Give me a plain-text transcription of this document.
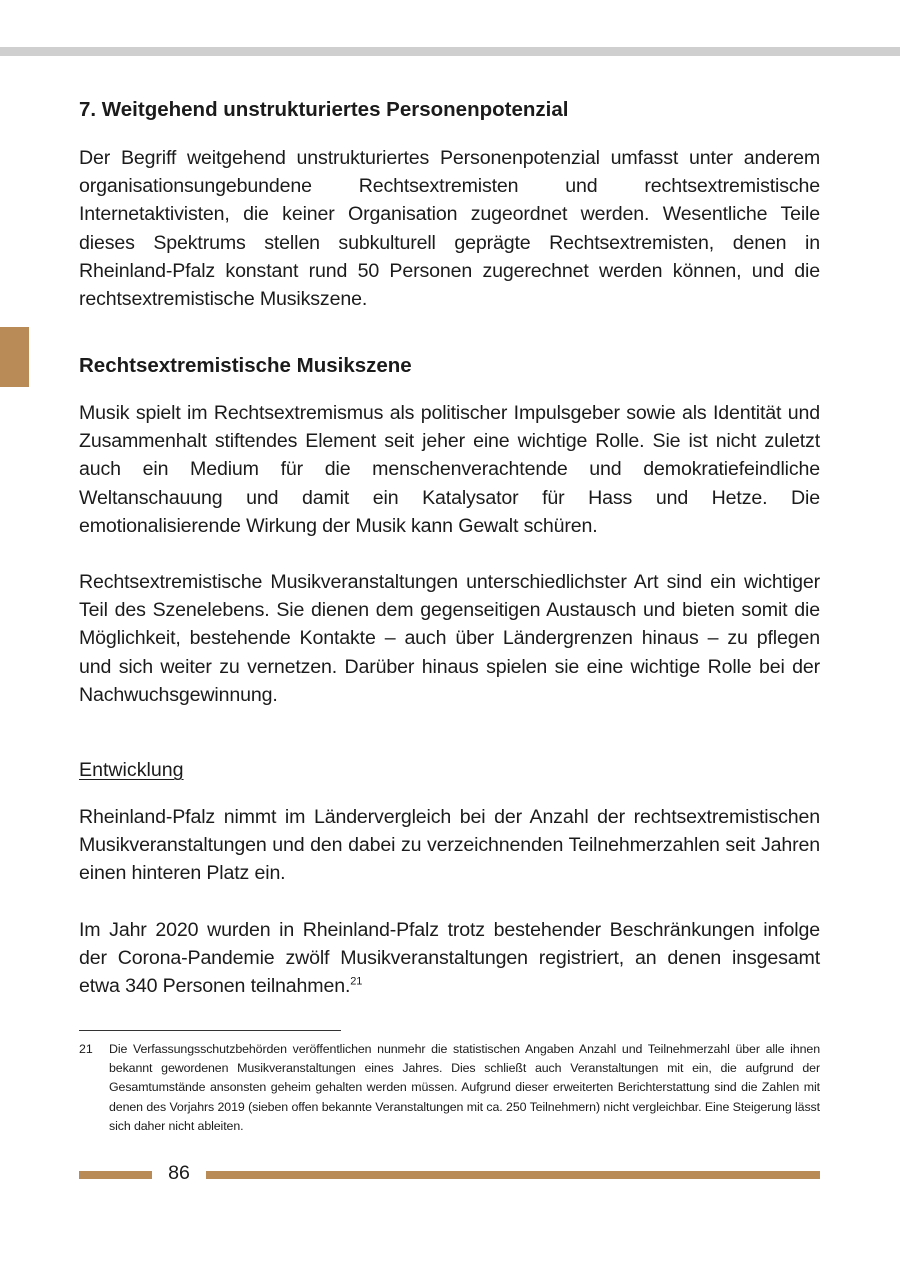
7. Weitgehend unstrukturiertes Personenpotenzial

Der Begriff weitgehend unstrukturiertes Personenpotenzial umfasst unter anderem organisationsungebundene Rechtsextremisten und rechtsextremistische Internetaktivisten, die keiner Organisation zugeordnet werden. Wesentliche Teile dieses Spektrums stellen subkulturell geprägte Rechtsextremisten, denen in Rheinland-Pfalz konstant rund 50 Personen zugerechnet werden können, und die rechtsextremistische Musikszene.

Rechtsextremistische Musikszene

Musik spielt im Rechtsextremismus als politischer Impulsgeber sowie als Identität und Zusammenhalt stiftendes Element seit jeher eine wichtige Rolle. Sie ist nicht zuletzt auch ein Medium für die menschenverachtende und demokratiefeindliche Weltanschauung und damit ein Katalysator für Hass und Hetze. Die emotionalisierende Wirkung der Musik kann Gewalt schüren.

Rechtsextremistische Musikveranstaltungen unterschiedlichster Art sind ein wichtiger Teil des Szenelebens. Sie dienen dem gegenseitigen Austausch und bieten somit die Möglichkeit, bestehende Kontakte – auch über Ländergrenzen hinaus – zu pflegen und sich weiter zu vernetzen. Darüber hinaus spielen sie eine wichtige Rolle bei der Nachwuchsgewinnung.

Entwicklung

Rheinland-Pfalz nimmt im Ländervergleich bei der Anzahl der rechtsextremistischen Musikveranstaltungen und den dabei zu verzeichnenden Teilnehmerzahlen seit Jahren einen hinteren Platz ein.

Im Jahr 2020 wurden in Rheinland-Pfalz trotz bestehender Beschränkungen infolge der Corona-Pandemie zwölf Musikveranstaltungen registriert, an denen insgesamt etwa 340 Personen teilnahmen.$^{21}$

21 Die Verfassungsschutzbehörden veröffentlichen nunmehr die statistischen Angaben Anzahl und Teilnehmerzahl über alle ihnen bekannt gewordenen Musikveranstaltungen eines Jahres. Dies schließt auch Veranstaltungen mit ein, die aufgrund der Gesamtumstände ansonsten geheim gehalten werden müssen. Aufgrund dieser erweiterten Berichterstattung sind die Zahlen mit denen des Vorjahrs 2019 (sieben offen bekannte Veranstaltungen mit ca. 250 Teilnehmern) nicht vergleichbar. Eine Steigerung lässt sich daher nicht ableiten.
86
